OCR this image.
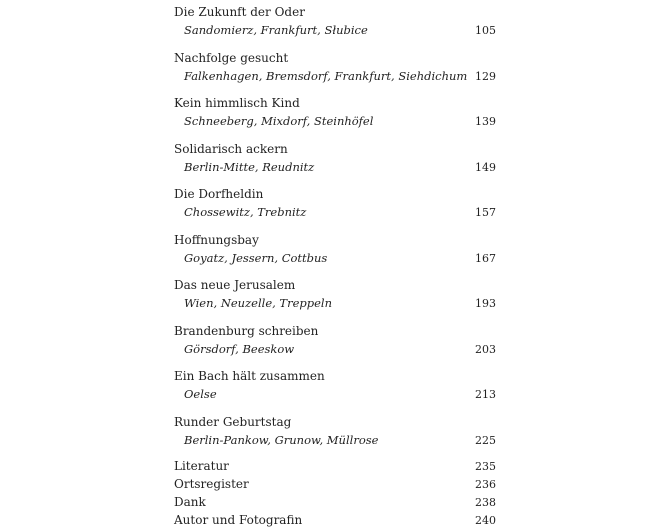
Die Zukunft der Oder
Sandomierz, Frankfurt, Słubice	105
Nachfolge gesucht
Falkenhagen, Bremsdorf, Frankfurt, Siehdichum 129
Kein himmlisch Kind
Schneeberg, Mixdorf, Steinhöfel	139
Solidarisch ackern
Berlin-Mitte, Reudnitz	149
Die Dorfheldin
Chossewitz, Trebnitz	157
Hoffnungsbay
Goyatz, Jessern, Cottbus	167
Das neue Jerusalem
Wien, Neuzelle, Treppeln	193
Brandenburg schreiben
Görsdorf, Beeskow	203
Ein Bach hält zusammen
Oelse	213
Runder Geburtstag
Berlin-Pankow, Grunow, Müllrose	225
Literatur	235
Ortsregister	236
Dank	238
Autor und Fotografin	240
